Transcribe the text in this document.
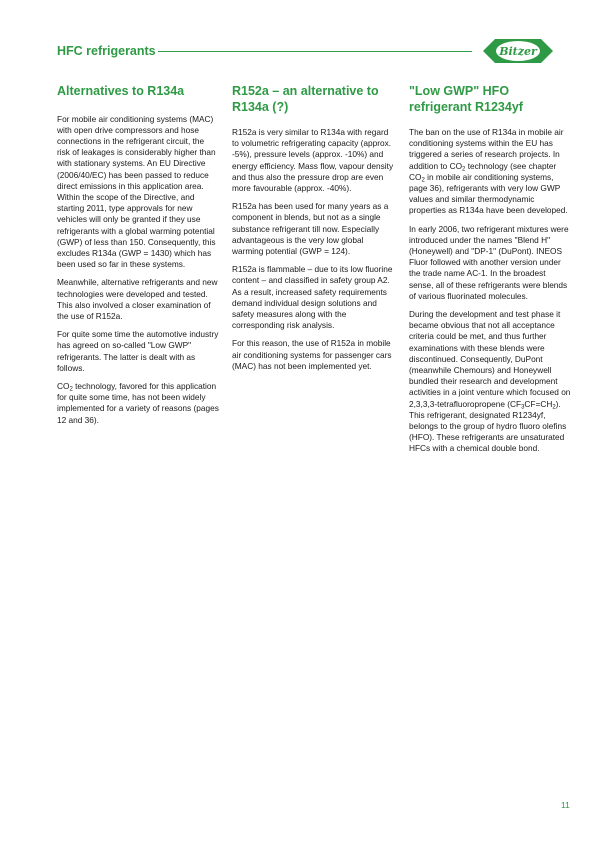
HFC refrigerants	Bitzer
Alternatives to R134a

For mobile air conditioning systems (MAC) with open drive compressors and hose connections in the refrigerant circuit, the risk of leakages is considerably higher than with stationary systems. An EU Directive (2006/40/EC) has been passed to reduce direct emissions in this application area. Within the scope of the Directive, and starting 2011, type approvals for new vehicles will only be granted if they use refrigerants with a global warming potential (GWP) of less than 150. Consequently, this excludes R134a (GWP = 1430) which has been used so far in these systems.

Meanwhile, alternative refrigerants and new technologies were developed and tested. This also involved a closer examination of the use of R152a.

For quite some time the automotive industry has agreed on so-called "Low GWP" refrigerants. The latter is dealt with as follows.

$CO_2$ technology, favored for this application for quite some time, has not been widely implemented for a variety of reasons (pages 12 and 36).

R152a – an alternative to R134a (?)

R152a is very similar to R134a with regard to volumetric refrigerating capacity (approx. -5%), pressure levels (approx. -10%) and energy efficiency. Mass flow, vapour density and thus also the pressure drop are even more favourable (approx. -40%).

R152a has been used for many years as a component in blends, but not as a single substance refrigerant till now. Especially advantageous is the very low global warming potential (GWP = 124).

R152a is flammable – due to its low fluorine content – and classified in safety group A2. As a result, increased safety requirements demand individual design solutions and safety measures along with the corresponding risk analysis.

For this reason, the use of R152a in mobile air conditioning systems for passenger cars (MAC) has not been implemented yet.

"Low GWP" HFO refrigerant R1234yf

The ban on the use of R134a in mobile air conditioning systems within the EU has triggered a series of research projects. In addition to $CO_2$ technology (see chapter $CO_2$ in mobile air conditioning systems, page 36), refrigerants with very low GWP values and similar thermodynamic properties as R134a have been developed.

In early 2006, two refrigerant mixtures were introduced under the names "Blend H" (Honeywell) and "DP-1" (DuPont). INEOS Fluor followed with another version under the trade name AC-1. In the broadest sense, all of these refrigerants were blends of various fluorinated molecules.

During the development and test phase it became obvious that not all acceptance criteria could be met, and thus further examinations with these blends were discontinued. Consequently, DuPont (meanwhile Chemours) and Honeywell bundled their research and development activities in a joint venture which focused on 2,3,3,3-tetrafluoropropene $(CF_3CF=CH_2)$. This refrigerant, designated R1234yf, belongs to the group of hydro fluoro olefins (HFO). These refrigerants are unsaturated HFCs with a chemical double bond.

11
